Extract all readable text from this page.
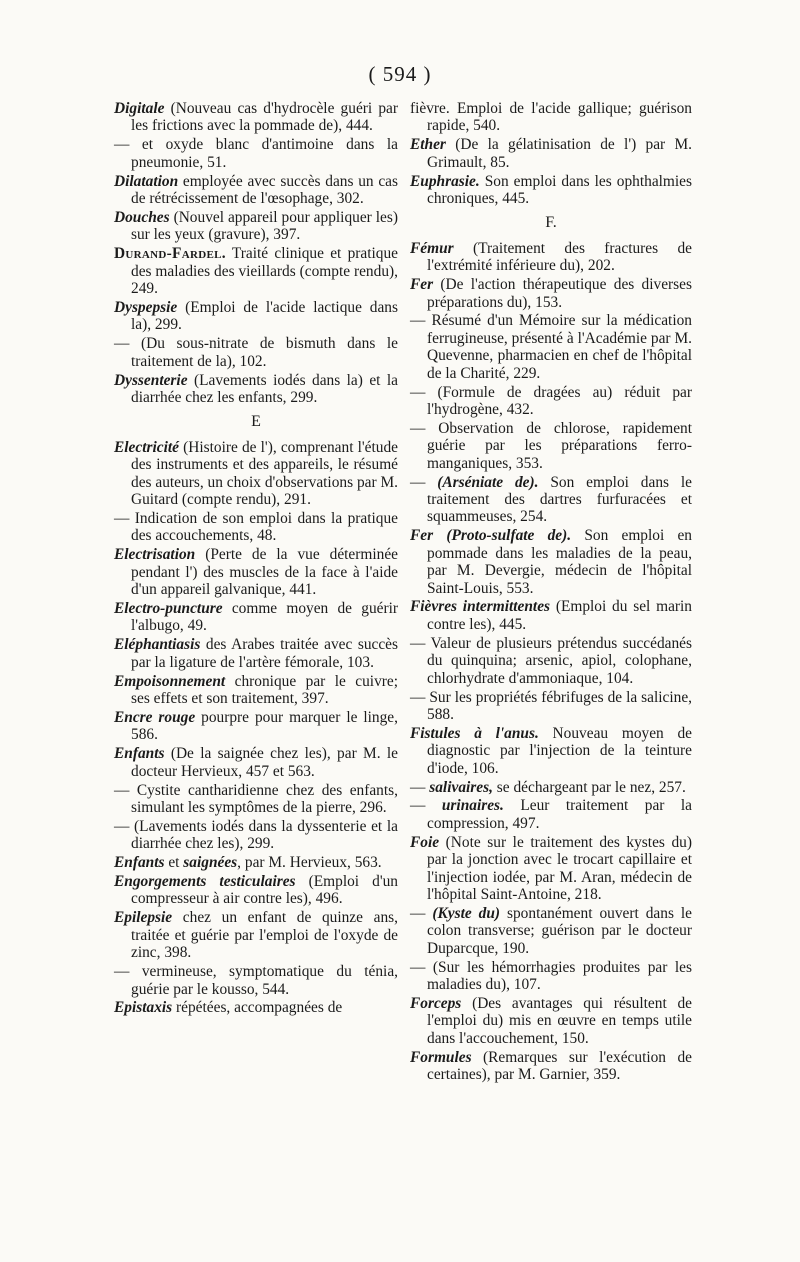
( 594 )
Digitale (Nouveau cas d'hydrocèle guéri par les frictions avec la pommade de), 444.
— et oxyde blanc d'antimoine dans la pneumonie, 51.
Dilatation employée avec succès dans un cas de rétrécissement de l'œsophage, 302.
Douches (Nouvel appareil pour appliquer les) sur les yeux (gravure), 397.
Durand-Fardel. Traité clinique et pratique des maladies des vieillards (compte rendu), 249.
Dyspepsie (Emploi de l'acide lactique dans la), 299.
— (Du sous-nitrate de bismuth dans le traitement de la), 102.
Dyssenterie (Lavements iodés dans la) et la diarrhée chez les enfants, 299.
E
Electricité (Histoire de l'), comprenant l'étude des instruments et des appareils, le résumé des auteurs, un choix d'observations par M. Guitard (compte rendu), 291.
— Indication de son emploi dans la pratique des accouchements, 48.
Electrisation (Perte de la vue déterminée pendant l') des muscles de la face à l'aide d'un appareil galvanique, 441.
Electro-puncture comme moyen de guérir l'albugo, 49.
Eléphantiasis des Arabes traitée avec succès par la ligature de l'artère fémorale, 103.
Empoisonnement chronique par le cuivre; ses effets et son traitement, 397.
Encre rouge pourpre pour marquer le linge, 586.
Enfants (De la saignée chez les), par M. le docteur Hervieux, 457 et 563.
— Cystite cantharidienne chez des enfants, simulant les symptômes de la pierre, 296.
— (Lavements iodés dans la dyssenterie et la diarrhée chez les), 299.
Enfants et saignées, par M. Hervieux, 563.
Engorgements testiculaires (Emploi d'un compresseur à air contre les), 496.
Epilepsie chez un enfant de quinze ans, traitée et guérie par l'emploi de l'oxyde de zinc, 398.
— vermineuse, symptomatique du ténia, guérie par le kousso, 544.
Epistaxis répétées, accompagnées de
fièvre. Emploi de l'acide gallique; guérison rapide, 540.
Ether (De la gélatinisation de l') par M. Grimault, 85.
Euphrasie. Son emploi dans les ophthalmies chroniques, 445.
F.
Fémur (Traitement des fractures de l'extrémité inférieure du), 202.
Fer (De l'action thérapeutique des diverses préparations du), 153.
— Résumé d'un Mémoire sur la médication ferrugineuse, présenté à l'Académie par M. Quevenne, pharmacien en chef de l'hôpital de la Charité, 229.
— (Formule de dragées au) réduit par l'hydrogène, 432.
— Observation de chlorose, rapidement guérie par les préparations ferro-manganiques, 353.
— (Arséniate de). Son emploi dans le traitement des dartres furfuracées et squammeuses, 254.
Fer (Proto-sulfate de). Son emploi en pommade dans les maladies de la peau, par M. Devergie, médecin de l'hôpital Saint-Louis, 553.
Fièvres intermittentes (Emploi du sel marin contre les), 445.
— Valeur de plusieurs prétendus succédanés du quinquina; arsenic, apiol, colophane, chlorhydrate d'ammoniaque, 104.
— Sur les propriétés fébrifuges de la salicine, 588.
Fistules à l'anus. Nouveau moyen de diagnostic par l'injection de la teinture d'iode, 106.
— salivaires, se déchargeant par le nez, 257.
— urinaires. Leur traitement par la compression, 497.
Foie (Note sur le traitement des kystes du) par la jonction avec le trocart capillaire et l'injection iodée, par M. Aran, médecin de l'hôpital Saint-Antoine, 218.
— (Kyste du) spontanément ouvert dans le colon transverse; guérison par le docteur Duparcque, 190.
— (Sur les hémorrhagies produites par les maladies du), 107.
Forceps (Des avantages qui résultent de l'emploi du) mis en œuvre en temps utile dans l'accouchement, 150.
Formules (Remarques sur l'exécution de certaines), par M. Garnier, 359.
